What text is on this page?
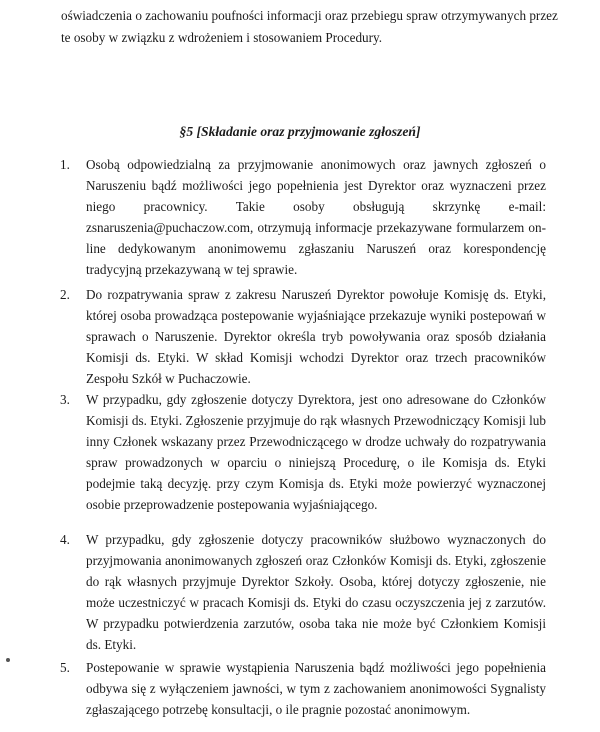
oświadczenia o zachowaniu poufności informacji oraz przebiegu spraw otrzymywanych przez
te osoby w związku z wdrożeniem i stosowaniem Procedury.

§5 [Składanie oraz przyjmowanie zgłoszeń]

1. Osobą odpowiedzialną za przyjmowanie anonimowych oraz jawnych zgłoszeń o Naruszeniu bądź możliwości jego popełnienia jest Dyrektor oraz wyznaczeni przez niego pracownicy. Takie osoby obsługują skrzynkę e-mail: zsnaruszenia@puchaczow.com, otrzymują informacje przekazywane formularzem on-line dedykowanym anonimowemu zgłaszaniu Naruszeń oraz korespondencję tradycyjną przekazywaną w tej sprawie.

2. Do rozpatrywania spraw z zakresu Naruszeń Dyrektor powołuje Komisję ds. Etyki, której osoba prowadząca postepowanie wyjaśniające przekazuje wyniki postepowań w sprawach o Naruszenie. Dyrektor określa tryb powoływania oraz sposób działania Komisji ds. Etyki. W skład Komisji wchodzi Dyrektor oraz trzech pracowników Zespołu Szkół w Puchaczowie.

3. W przypadku, gdy zgłoszenie dotyczy Dyrektora, jest ono adresowane do Członków Komisji ds. Etyki. Zgłoszenie przyjmuje do rąk własnych Przewodniczący Komisji lub inny Członek wskazany przez Przewodniczącego w drodze uchwały do rozpatrywania spraw prowadzonych w oparciu o niniejszą Procedurę, o ile Komisja ds. Etyki podejmie taką decyzję. przy czym Komisja ds. Etyki może powierzyć wyznaczonej osobie przeprowadzenie postepowania wyjaśniającego.

4. W przypadku, gdy zgłoszenie dotyczy pracowników służbowo wyznaczonych do przyjmowania anonimowanych zgłoszeń oraz Członków Komisji ds. Etyki, zgłoszenie do rąk własnych przyjmuje Dyrektor Szkoły. Osoba, której dotyczy zgłoszenie, nie może uczestniczyć w pracach Komisji ds. Etyki do czasu oczyszczenia jej z zarzutów. W przypadku potwierdzenia zarzutów, osoba taka nie może być Członkiem Komisji ds. Etyki.

5. Postepowanie w sprawie wystąpienia Naruszenia bądź możliwości jego popełnienia odbywa się z wyłączeniem jawności, w tym z zachowaniem anonimowości Sygnalisty zgłaszającego potrzebę konsultacji, o ile pragnie pozostać anonimowym.
